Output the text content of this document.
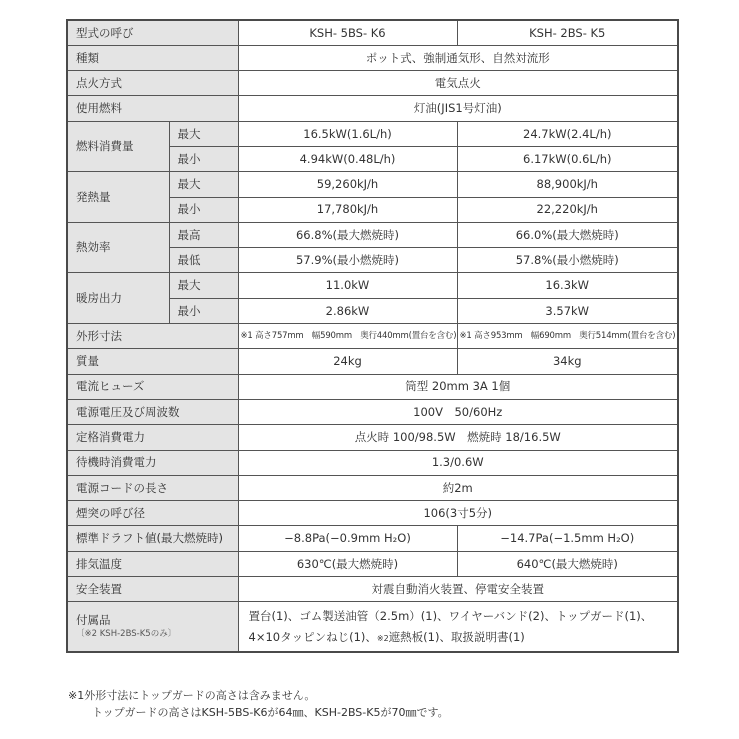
型式の呼び		KSH- 5BS- K6	KSH- 2BS- K5
種類		ポット式、強制通気形、自然対流形	
点火方式		電気点火	
使用燃料		灯油(JIS1号灯油)	
燃料消費量	最大	16.5kW(1.6L/h)	24.7kW(2.4L/h)
	最小	4.94kW(0.48L/h)	6.17kW(0.6L/h)
発熱量	最大	59,260kJ/h	88,900kJ/h
	最小	17,780kJ/h	22,220kJ/h
熱効率	最高	66.8%(最大燃焼時)	66.0%(最大燃焼時)
	最低	57.9%(最小燃焼時)	57.8%(最小燃焼時)
暖房出力	最大	11.0kW	16.3kW
	最小	2.86kW	3.57kW
外形寸法		※1 高さ757mm　幅590mm　奥行440mm(置台を含む)	※1 高さ953mm　幅690mm　奥行514mm(置台を含む)
質量		24kg	34kg
電流ヒューズ		筒型 20mm 3A 1個	
電源電圧及び周波数		100V　50/60Hz	
定格消費電力		点火時 100/98.5W　燃焼時 18/16.5W	
待機時消費電力		1.3/0.6W	
電源コードの長さ		約2m	
煙突の呼び径		106(3寸5分)	
標準ドラフト値(最大燃焼時)		−8.8Pa(−0.9mm H₂O)	−14.7Pa(−1.5mm H₂O)
排気温度		630℃(最大燃焼時)	640℃(最大燃焼時)
安全装置		対震自動消火装置、停電安全装置	
付属品
〔※2 KSH-2BS-K5のみ〕		置台(1)、ゴム製送油管（2.5m）(1)、ワイヤーバンド(2)、トップガード(1)、
4×10タッピンねじ(1)、※2遮熱板(1)、取扱説明書(1)	
※1外形寸法にトップガードの高さは含みません。
トップガードの高さはKSH-5BS-K6が64㎜、KSH-2BS-K5が70㎜です。
